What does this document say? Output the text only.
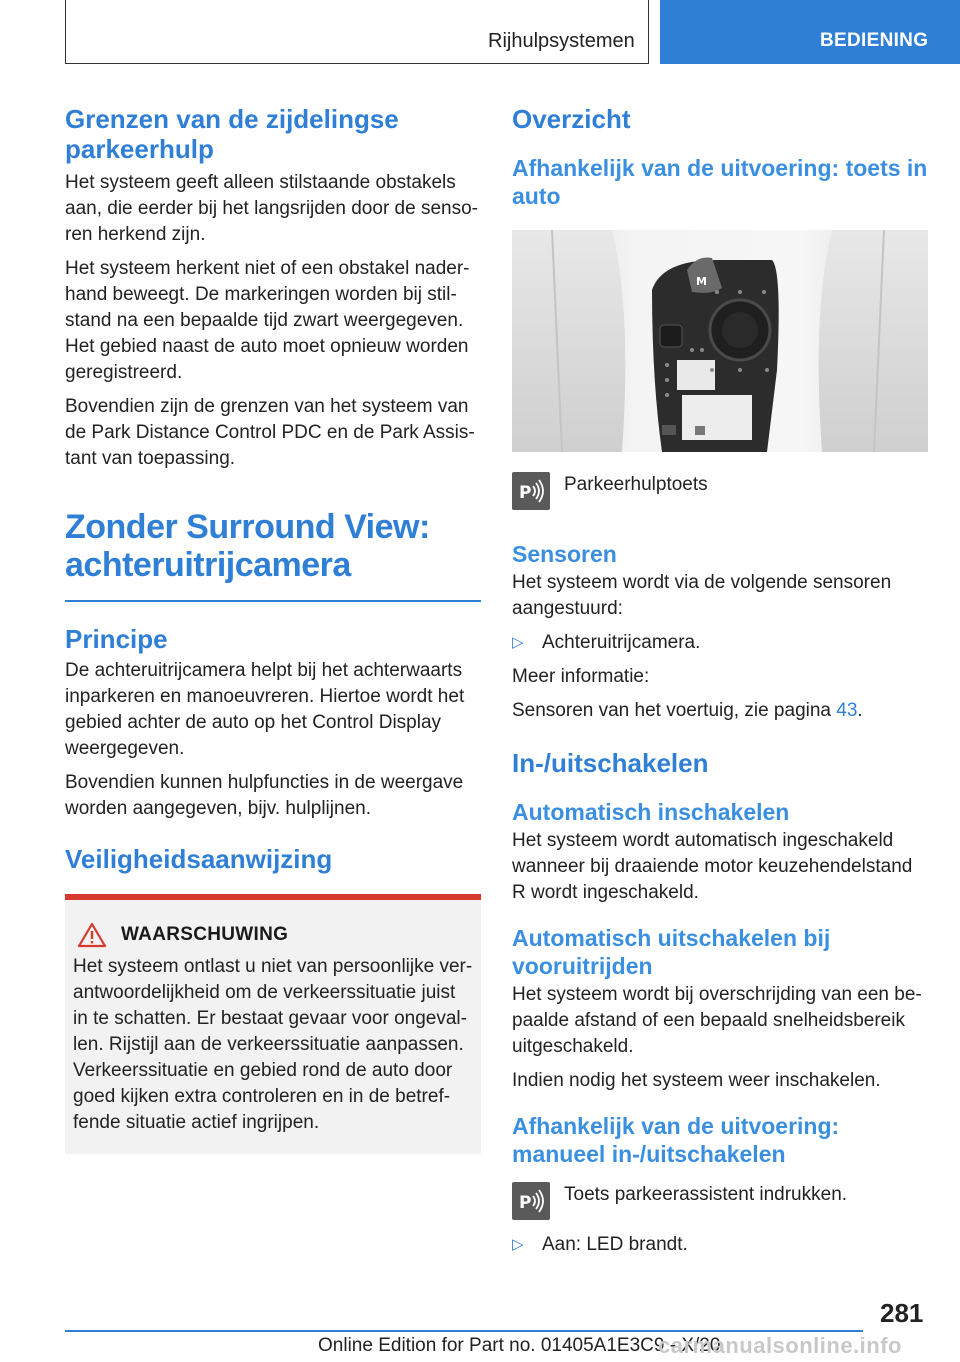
Rijhulpsystemen	BEDIENING
Grenzen van de zijdelingse parkeerhulp

Het systeem geeft alleen stilstaande obstakels aan, die eerder bij het langsrijden door de senso-ren herkend zijn.

Het systeem herkent niet of een obstakel nader-hand beweegt. De markeringen worden bij stil-stand na een bepaalde tijd zwart weergegeven. Het gebied naast de auto moet opnieuw worden geregistreerd.

Bovendien zijn de grenzen van het systeem van de Park Distance Control PDC en de Park Assis-tant van toepassing.

Zonder Surround View: achteruitrijcamera
Principe

De achteruitrijcamera helpt bij het achterwaarts inparkeren en manoeuvreren. Hiertoe wordt het gebied achter de auto op het Control Display weergegeven.

Bovendien kunnen hulpfuncties in de weergave worden aangegeven, bijv. hulplijnen.

Veiligheidsaanwijzing
WAARSCHUWING

Het systeem ontlast u niet van persoonlijke ver-antwoordelijkheid om de verkeerssituatie juist in te schatten. Er bestaat gevaar voor ongeval-len. Rijstijl aan de verkeerssituatie aanpassen. Verkeerssituatie en gebied rond de auto door goed kijken extra controleren en in de betref-fende situatie actief ingrijpen.

Overzicht
Afhankelijk van de uitvoering: toets in auto
M
P Parkeerhulptoets

Sensoren

Het systeem wordt via de volgende sensoren aangestuurd:

▷ Achteruitrijcamera.

Meer informatie:

Sensoren van het voertuig, zie pagina 43.

In-/uitschakelen
Automatisch inschakelen

Het systeem wordt automatisch ingeschakeld wanneer bij draaiende motor keuzehendelstand R wordt ingeschakeld.

Automatisch uitschakelen bij vooruitrijden

Het systeem wordt bij overschrijding van een be-paalde afstand of een bepaald snelheidsbereik uitgeschakeld.

Indien nodig het systeem weer inschakelen.

Afhankelijk van de uitvoering: manueel in-/uitschakelen
P Toets parkeerassistent indrukken.

▷ Aan: LED brandt.

281
Online Edition for Part no. 01405A1E3C9 - X/20
carmanualsonline.info
